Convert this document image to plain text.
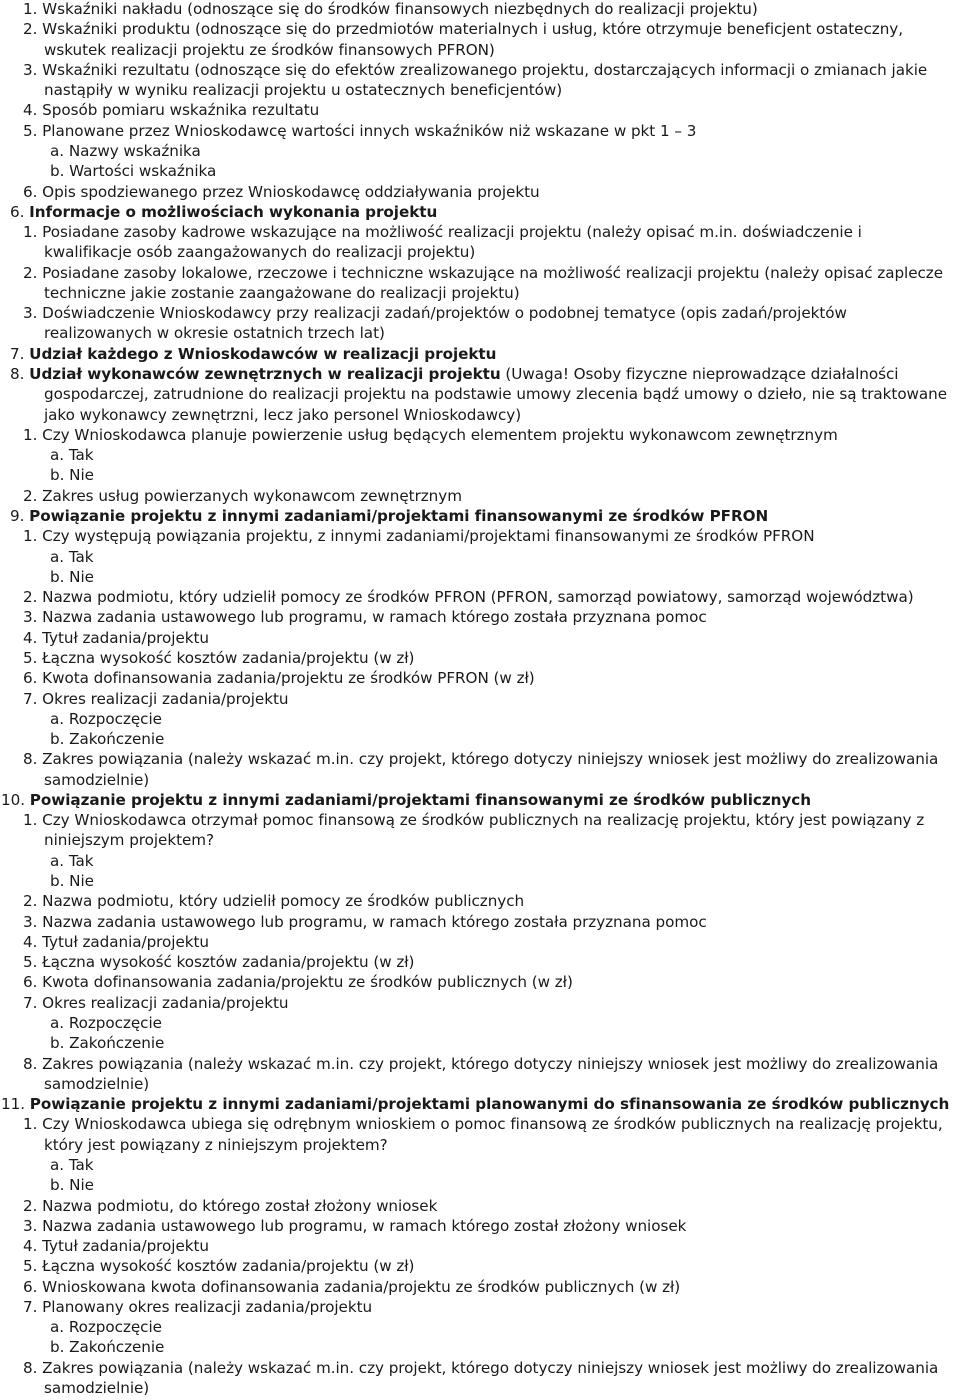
1. Wskaźniki nakładu (odnoszące się do środków finansowych niezbędnych do realizacji projektu)
2. Wskaźniki produktu (odnoszące się do przedmiotów materialnych i usług, które otrzymuje beneficjent ostateczny,
wskutek realizacji projektu ze środków finansowych PFRON)
3. Wskaźniki rezultatu (odnoszące się do efektów zrealizowanego projektu, dostarczających informacji o zmianach jakie
nastąpiły w wyniku realizacji projektu u ostatecznych beneficjentów)
4. Sposób pomiaru wskaźnika rezultatu
5. Planowane przez Wnioskodawcę wartości innych wskaźników niż wskazane w pkt 1 – 3
a. Nazwy wskaźnika
b. Wartości wskaźnika
6. Opis spodziewanego przez Wnioskodawcę oddziaływania projektu
6. Informacje o możliwościach wykonania projektu
1. Posiadane zasoby kadrowe wskazujące na możliwość realizacji projektu (należy opisać m.in. doświadczenie i
kwalifikacje osób zaangażowanych do realizacji projektu)
2. Posiadane zasoby lokalowe, rzeczowe i techniczne wskazujące na możliwość realizacji projektu (należy opisać zaplecze
techniczne jakie zostanie zaangażowane do realizacji projektu)
3. Doświadczenie Wnioskodawcy przy realizacji zadań/projektów o podobnej tematyce (opis zadań/projektów
realizowanych w okresie ostatnich trzech lat)
7. Udział każdego z Wnioskodawców w realizacji projektu
8. Udział wykonawców zewnętrznych w realizacji projektu (Uwaga! Osoby fizyczne nieprowadzące działalności
gospodarczej, zatrudnione do realizacji projektu na podstawie umowy zlecenia bądź umowy o dzieło, nie są traktowane
jako wykonawcy zewnętrzni, lecz jako personel Wnioskodawcy)
1. Czy Wnioskodawca planuje powierzenie usług będących elementem projektu wykonawcom zewnętrznym
a. Tak
b. Nie
2. Zakres usług powierzanych wykonawcom zewnętrznym
9. Powiązanie projektu z innymi zadaniami/projektami finansowanymi ze środków PFRON
1. Czy występują powiązania projektu, z innymi zadaniami/projektami finansowanymi ze środków PFRON
a. Tak
b. Nie
2. Nazwa podmiotu, który udzielił pomocy ze środków PFRON (PFRON, samorząd powiatowy, samorząd województwa)
3. Nazwa zadania ustawowego lub programu, w ramach którego została przyznana pomoc
4. Tytuł zadania/projektu
5. Łączna wysokość kosztów zadania/projektu (w zł)
6. Kwota dofinansowania zadania/projektu ze środków PFRON (w zł)
7. Okres realizacji zadania/projektu
a. Rozpoczęcie
b. Zakończenie
8. Zakres powiązania (należy wskazać m.in. czy projekt, którego dotyczy niniejszy wniosek jest możliwy do zrealizowania
samodzielnie)
10. Powiązanie projektu z innymi zadaniami/projektami finansowanymi ze środków publicznych
1. Czy Wnioskodawca otrzymał pomoc finansową ze środków publicznych na realizację projektu, który jest powiązany z
niniejszym projektem?
a. Tak
b. Nie
2. Nazwa podmiotu, który udzielił pomocy ze środków publicznych
3. Nazwa zadania ustawowego lub programu, w ramach którego została przyznana pomoc
4. Tytuł zadania/projektu
5. Łączna wysokość kosztów zadania/projektu (w zł)
6. Kwota dofinansowania zadania/projektu ze środków publicznych (w zł)
7. Okres realizacji zadania/projektu
a. Rozpoczęcie
b. Zakończenie
8. Zakres powiązania (należy wskazać m.in. czy projekt, którego dotyczy niniejszy wniosek jest możliwy do zrealizowania
samodzielnie)
11. Powiązanie projektu z innymi zadaniami/projektami planowanymi do sfinansowania ze środków publicznych
1. Czy Wnioskodawca ubiega się odrębnym wnioskiem o pomoc finansową ze środków publicznych na realizację projektu,
który jest powiązany z niniejszym projektem?
a. Tak
b. Nie
2. Nazwa podmiotu, do którego został złożony wniosek
3. Nazwa zadania ustawowego lub programu, w ramach którego został złożony wniosek
4. Tytuł zadania/projektu
5. Łączna wysokość kosztów zadania/projektu (w zł)
6. Wnioskowana kwota dofinansowania zadania/projektu ze środków publicznych (w zł)
7. Planowany okres realizacji zadania/projektu
a. Rozpoczęcie
b. Zakończenie
8. Zakres powiązania (należy wskazać m.in. czy projekt, którego dotyczy niniejszy wniosek jest możliwy do zrealizowania
samodzielnie)
